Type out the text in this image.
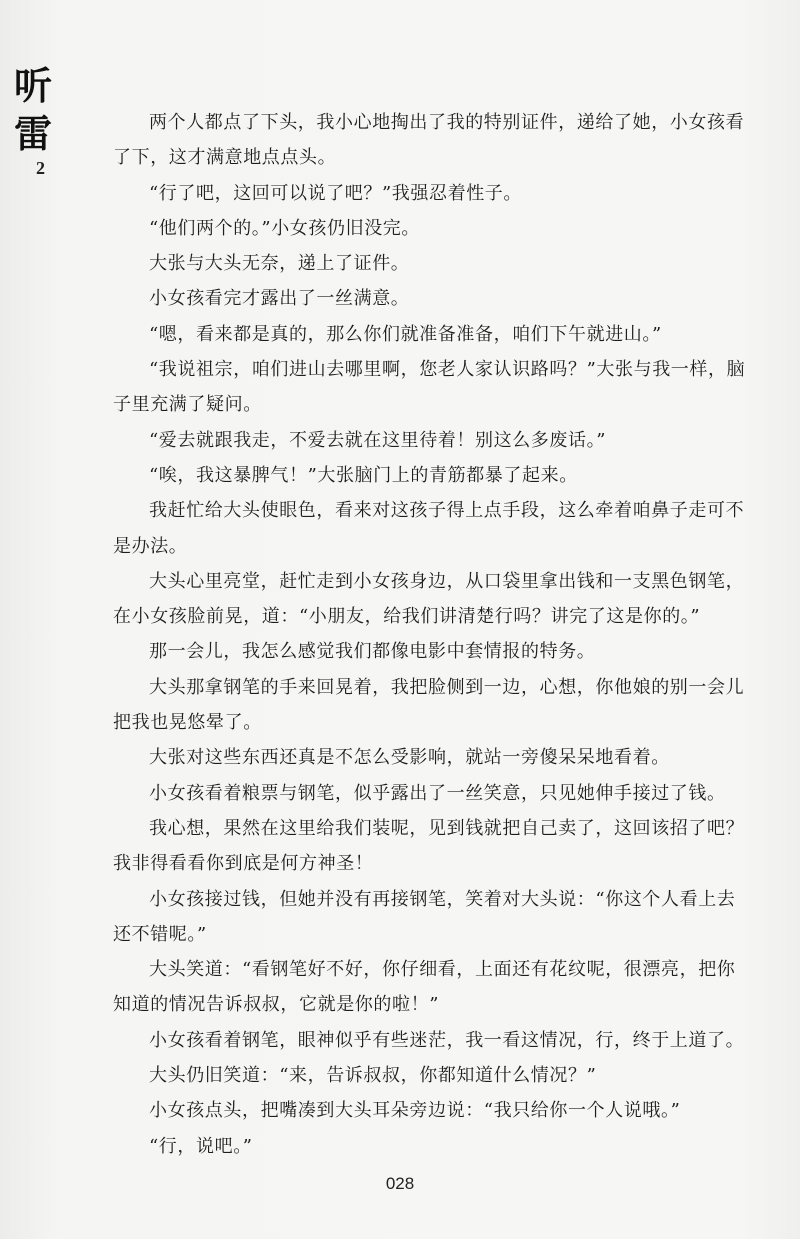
听
雷
2

两个人都点了下头，我小心地掏出了我的特别证件，递给了她，小女孩看了下，这才满意地点点头。

“行了吧，这回可以说了吧？”我强忍着性子。

“他们两个的。”小女孩仍旧没完。

大张与大头无奈，递上了证件。

小女孩看完才露出了一丝满意。

“嗯，看来都是真的，那么你们就准备准备，咱们下午就进山。”

“我说祖宗，咱们进山去哪里啊，您老人家认识路吗？”大张与我一样，脑子里充满了疑问。

“爱去就跟我走，不爱去就在这里待着！别这么多废话。”

“唉，我这暴脾气！”大张脑门上的青筋都暴了起来。

我赶忙给大头使眼色，看来对这孩子得上点手段，这么牵着咱鼻子走可不是办法。

大头心里亮堂，赶忙走到小女孩身边，从口袋里拿出钱和一支黑色钢笔，在小女孩脸前晃，道：“小朋友，给我们讲清楚行吗？讲完了这是你的。”

那一会儿，我怎么感觉我们都像电影中套情报的特务。

大头那拿钢笔的手来回晃着，我把脸侧到一边，心想，你他娘的别一会儿把我也晃悠晕了。

大张对这些东西还真是不怎么受影响，就站一旁傻呆呆地看着。

小女孩看着粮票与钢笔，似乎露出了一丝笑意，只见她伸手接过了钱。

我心想，果然在这里给我们装呢，见到钱就把自己卖了，这回该招了吧？我非得看看你到底是何方神圣！

小女孩接过钱，但她并没有再接钢笔，笑着对大头说：“你这个人看上去还不错呢。”

大头笑道：“看钢笔好不好，你仔细看，上面还有花纹呢，很漂亮，把你知道的情况告诉叔叔，它就是你的啦！”

小女孩看着钢笔，眼神似乎有些迷茫，我一看这情况，行，终于上道了。

大头仍旧笑道：“来，告诉叔叔，你都知道什么情况？”

小女孩点头，把嘴凑到大头耳朵旁边说：“我只给你一个人说哦。”

“行，说吧。”

028
